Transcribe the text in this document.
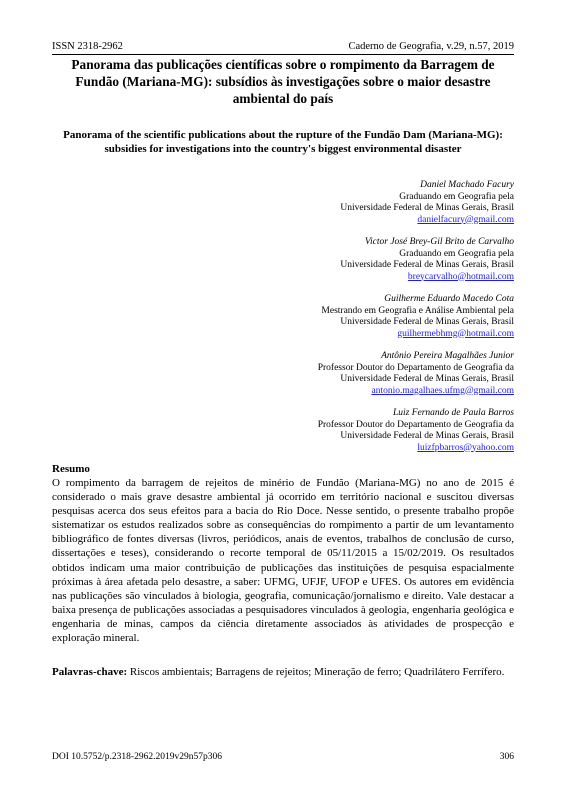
ISSN 2318-2962	Caderno de Geografia, v.29, n.57, 2019
Panorama das publicações científicas sobre o rompimento da Barragem de Fundão (Mariana-MG): subsídios às investigações sobre o maior desastre ambiental do país
Panorama of the scientific publications about the rupture of the Fundão Dam (Mariana-MG): subsidies for investigations into the country's biggest environmental disaster
Daniel Machado Facury
Graduando em Geografia pela
Universidade Federal de Minas Gerais, Brasil
danielfacury@gmail.com
Victor José Brey-Gil Brito de Carvalho
Graduando em Geografia pela
Universidade Federal de Minas Gerais, Brasil
breycarvalho@hotmail.com
Guilherme Eduardo Macedo Cota
Mestrando em Geografia e Análise Ambiental pela
Universidade Federal de Minas Gerais, Brasil
guilhermebhmg@hotmail.com
Antônio Pereira Magalhães Junior
Professor Doutor do Departamento de Geografia da
Universidade Federal de Minas Gerais, Brasil
antonio.magalhaes.ufmg@gmail.com
Luiz Fernando de Paula Barros
Professor Doutor do Departamento de Geografia da
Universidade Federal de Minas Gerais, Brasil
luizfpbarros@yahoo.com
Resumo

O rompimento da barragem de rejeitos de minério de Fundão (Mariana-MG) no ano de 2015 é considerado o mais grave desastre ambiental já ocorrido em território nacional e suscitou diversas pesquisas acerca dos seus efeitos para a bacia do Rio Doce. Nesse sentido, o presente trabalho propõe sistematizar os estudos realizados sobre as consequências do rompimento a partir de um levantamento bibliográfico de fontes diversas (livros, periódicos, anais de eventos, trabalhos de conclusão de curso, dissertações e teses), considerando o recorte temporal de 05/11/2015 a 15/02/2019. Os resultados obtidos indicam uma maior contribuição de publicações das instituições de pesquisa espacialmente próximas à área afetada pelo desastre, a saber: UFMG, UFJF, UFOP e UFES. Os autores em evidência nas publicações são vinculados à biologia, geografia, comunicação/jornalismo e direito. Vale destacar a baixa presença de publicações associadas a pesquisadores vinculados à geologia, engenharia geológica e engenharia de minas, campos da ciência diretamente associados às atividades de prospecção e exploração mineral.

Palavras-chave: Riscos ambientais; Barragens de rejeitos; Mineração de ferro; Quadrilátero Ferrífero.

DOI 10.5752/p.2318-2962.2019v29n57p306	306
